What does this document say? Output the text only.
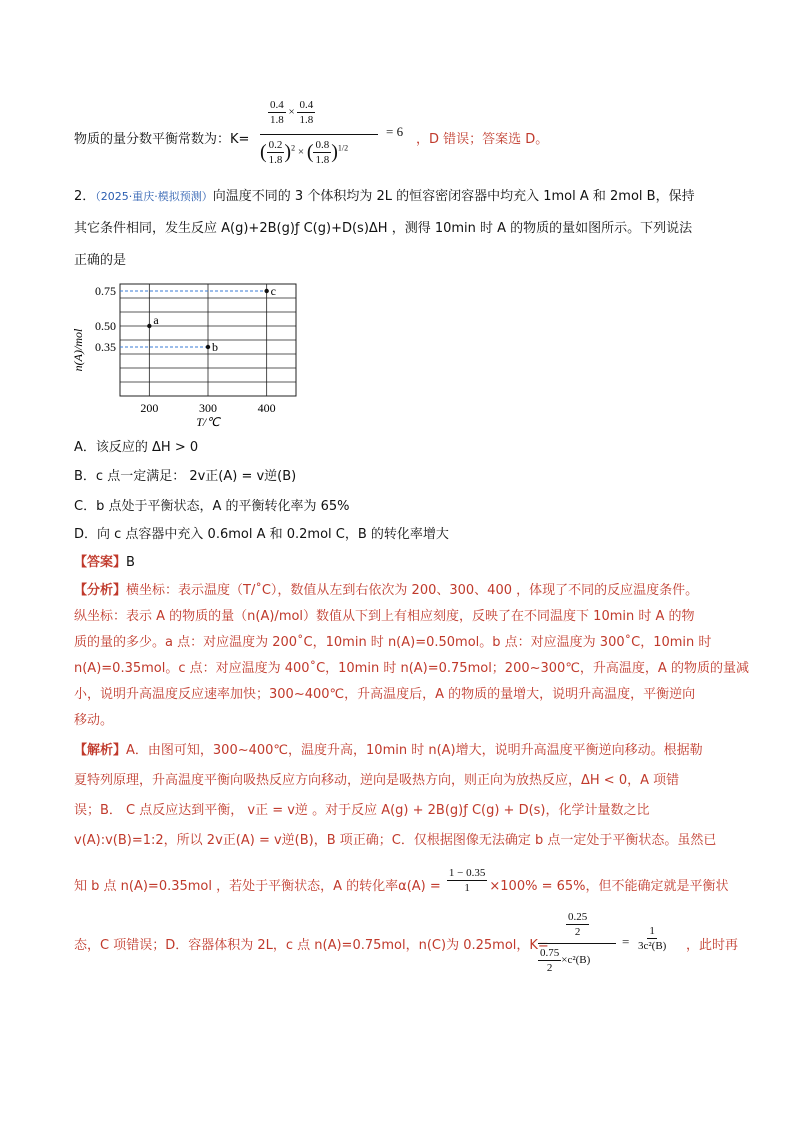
物质的量分数平衡常数为：K=
$\frac{0.4}{1.8} \times \frac{0.4}{1.8}$
( $\frac{0.2}{1.8} )^2$ × ( $\frac{0.8}{1.8} )^{1/2}$
= 6
，D 错误；答案选 D。
2．（2025·重庆·模拟预测）向温度不同的 3 个体积均为 2L 的恒容密闭容器中均充入 1mol A 和 2mol B，保持
其它条件相同，发生反应 A(g)+2B(g)ƒ C(g)+D(s)ΔH ，测得 10min 时 A 的物质的量如图所示。下列说法
正确的是
a
b
c
0.75
0.50
0.35
200	300	400
n(A)/mol
T/℃
A．该反应的 ΔH > 0
B．c 点一定满足： 2v正(A) = v逆(B)
C．b 点处于平衡状态，A 的平衡转化率为 65%
D．向 c 点容器中充入 0.6mol A 和 0.2mol C，B 的转化率增大
【答案】B
【分析】横坐标：表示温度（T/˚C），数值从左到右依次为 200、300、400 ，体现了不同的反应温度条件。
纵坐标：表示 A 的物质的量（n(A)/mol）数值从下到上有相应刻度，反映了在不同温度下 10min 时 A 的物
质的量的多少。a 点：对应温度为 200˚C，10min 时 n(A)=0.50mol。b 点：对应温度为 300˚C，10min 时
n(A)=0.35mol。c 点：对应温度为 400˚C，10min 时 n(A)=0.75mol；200~300℃，升高温度，A 的物质的量减
小，说明升高温度反应速率加快；300~400℃，升高温度后，A 的物质的量增大，说明升高温度，平衡逆向
移动。
【解析】A．由图可知，300~400℃，温度升高，10min 时 n(A)增大，说明升高温度平衡逆向移动。根据勒
夏特列原理，升高温度平衡向吸热反应方向移动，逆向是吸热方向，则正向为放热反应，ΔH < 0，A 项错
误；B． C 点反应达到平衡， v正 = v逆 。对于反应 A(g) + 2B(g)ƒ C(g) + D(s)，化学计量数之比
v(A):v(B)=1:2，所以 2v正(A) = v逆(B)，B 项正确；C．仅根据图像无法确定 b 点一定处于平衡状态。虽然已
知 b 点 n(A)=0.35mol ，若处于平衡状态，A 的转化率$\alpha(A) = \frac{1 - 0.35}{1} \times 100\% = 65\%$，但不能确定就是平衡状
态，C 项错误；D．容器体积为 2L，c 点 n(A)=0.75mol，n(C)为 0.25mol，K=
$\frac{0.25}{2}$
$\frac{0.75}{2} \times c^2(B)$
= $\frac{1}{\text{3c²(B)}}$ ，此时再
